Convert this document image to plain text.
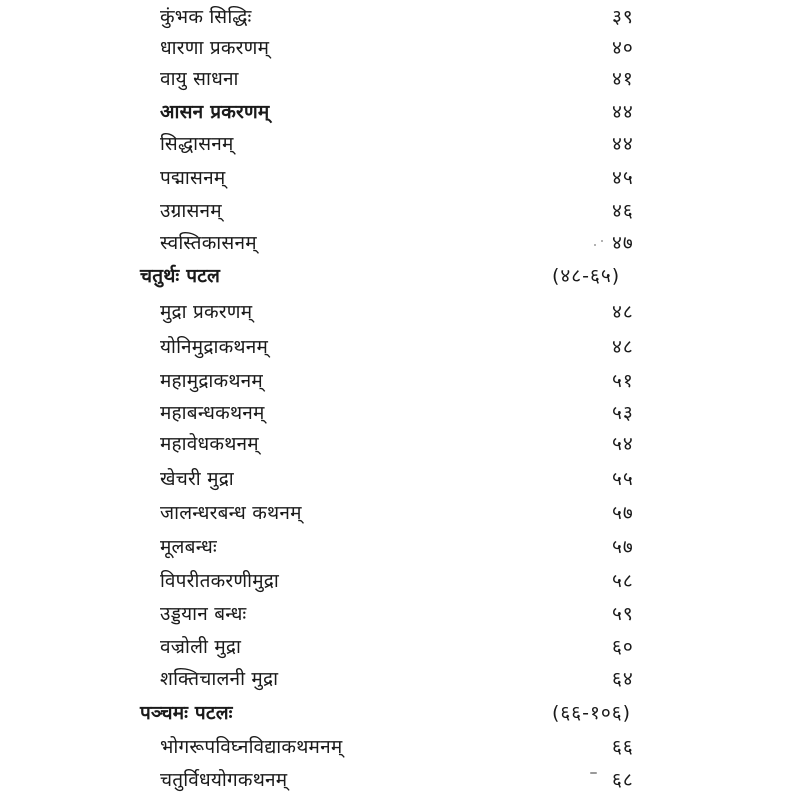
कुंभक सिद्धिः	३९
धारणा प्रकरणम्	४०
वायु साधना	४१
आसन प्रकरणम्	४४
सिद्धासनम्	४४
पद्मासनम्	४५
उग्रासनम्	४६
स्वस्तिकासनम्	४७
चतुर्थः पटल	(४८-६५)
मुद्रा प्रकरणम्	४८
योनिमुद्राकथनम्	४८
महामुद्राकथनम्	५१
महाबन्धकथनम्	५३
महावेधकथनम्	५४
खेचरी मुद्रा	५५
जालन्धरबन्ध कथनम्	५७
मूलबन्धः	५७
विपरीतकरणीमुद्रा	५८
उड्डयान बन्धः	५९
वज्रोली मुद्रा	६०
शक्तिचालनी मुद्रा	६४
पञ्चमः पटलः	(६६-१०६)
भोगरूपविघ्नविद्याकथमनम्	६६
चतुर्विधयोगकथनम्	६८
